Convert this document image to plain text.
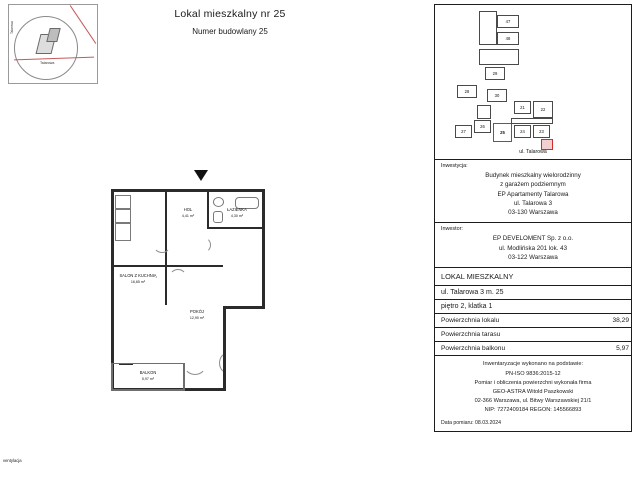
Talarowa
Talarowa
Lokal mieszkalny nr 25
Numer budowlany 25
HOL
4,41 m²
ŁAZIENKA
4,30 m²
SALON Z KUCHNIĄ
16,65 m²
POKÓJ
12,90 m²
BALKON
5,97 m²
ventylacja
47
48
29
28
30
27
26
25	24	23
21	22
ul. Talarowa
Inwestycja:
Budynek mieszkalny wielorodzinny
z garażem podziemnym
EP Apartamenty Talarowa
ul. Talarowa 3
03-130 Warszawa
Inwestor:
EP DEVELOMENT Sp. z o.o.
ul. Modlińska 201 lok. 43
03-122 Warszawa
LOKAL MIESZKALNY
ul. Talarowa 3 m. 25
piętro 2, klatka 1
Powierzchnia lokalu	38,29
Powierzchnia tarasu
Powierzchnia balkonu	5,97
Inwentaryzacje wykonano na podstawie:
PN-ISO 9836:2015-12
Pomiar i obliczenia powierzchni wykonała firma
GEO-ASTRA Witold Paszkowski
02-366 Warszawa, ul. Bitwy Warszawskiej 21/1
NIP: 7272409184 REGON: 145566893
Data pomiaru: 08.03.2024
